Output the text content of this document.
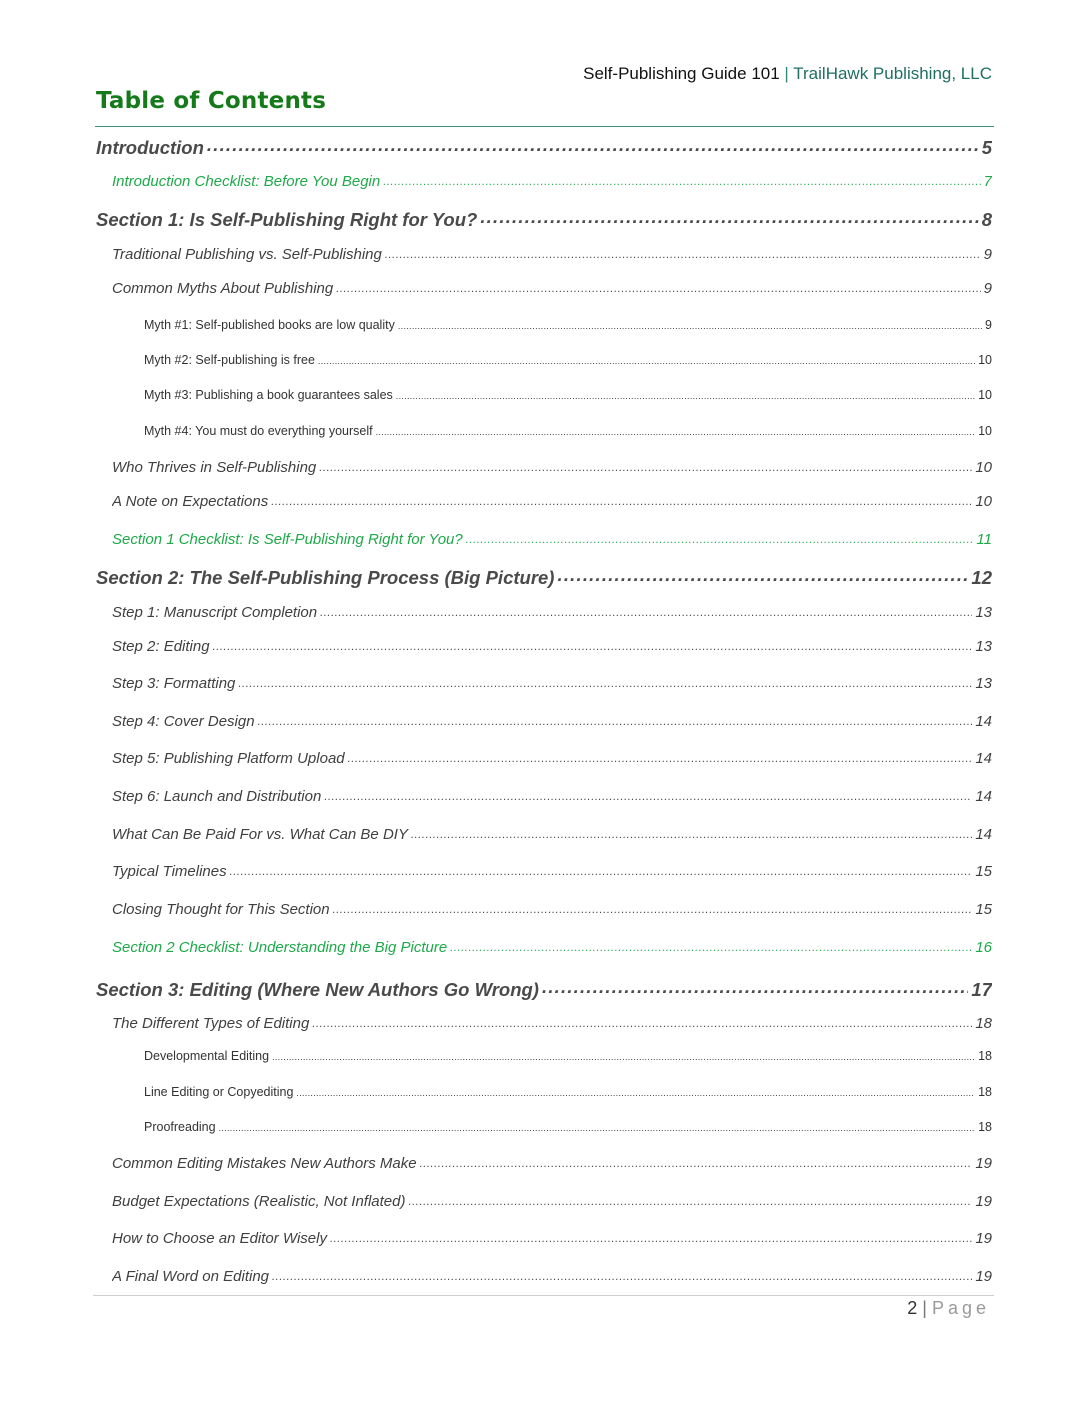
Self-Publishing Guide 101 | TrailHawk Publishing, LLC
Table of Contents
Introduction .....	5
Introduction Checklist: Before You Begin .....	7
Section 1: Is Self-Publishing Right for You? .....	8
Traditional Publishing vs. Self-Publishing .....	9
Common Myths About Publishing .....	9
Myth #1: Self-published books are low quality .....	9
Myth #2: Self-publishing is free .....	10
Myth #3: Publishing a book guarantees sales .....	10
Myth #4: You must do everything yourself .....	10
Who Thrives in Self-Publishing .....	10
A Note on Expectations .....	10
Section 1 Checklist: Is Self-Publishing Right for You? .....	11
Section 2: The Self-Publishing Process (Big Picture) .....	12
Step 1: Manuscript Completion .....	13
Step 2: Editing .....	13
Step 3: Formatting .....	13
Step 4: Cover Design .....	14
Step 5: Publishing Platform Upload .....	14
Step 6: Launch and Distribution .....	14
What Can Be Paid For vs. What Can Be DIY .....	14
Typical Timelines .....	15
Closing Thought for This Section .....	15
Section 2 Checklist: Understanding the Big Picture .....	16
Section 3: Editing (Where New Authors Go Wrong) .....	17
The Different Types of Editing .....	18
Developmental Editing .....	18
Line Editing or Copyediting .....	18
Proofreading .....	18
Common Editing Mistakes New Authors Make .....	19
Budget Expectations (Realistic, Not Inflated) .....	19
How to Choose an Editor Wisely .....	19
A Final Word on Editing .....	19
2 | Page
